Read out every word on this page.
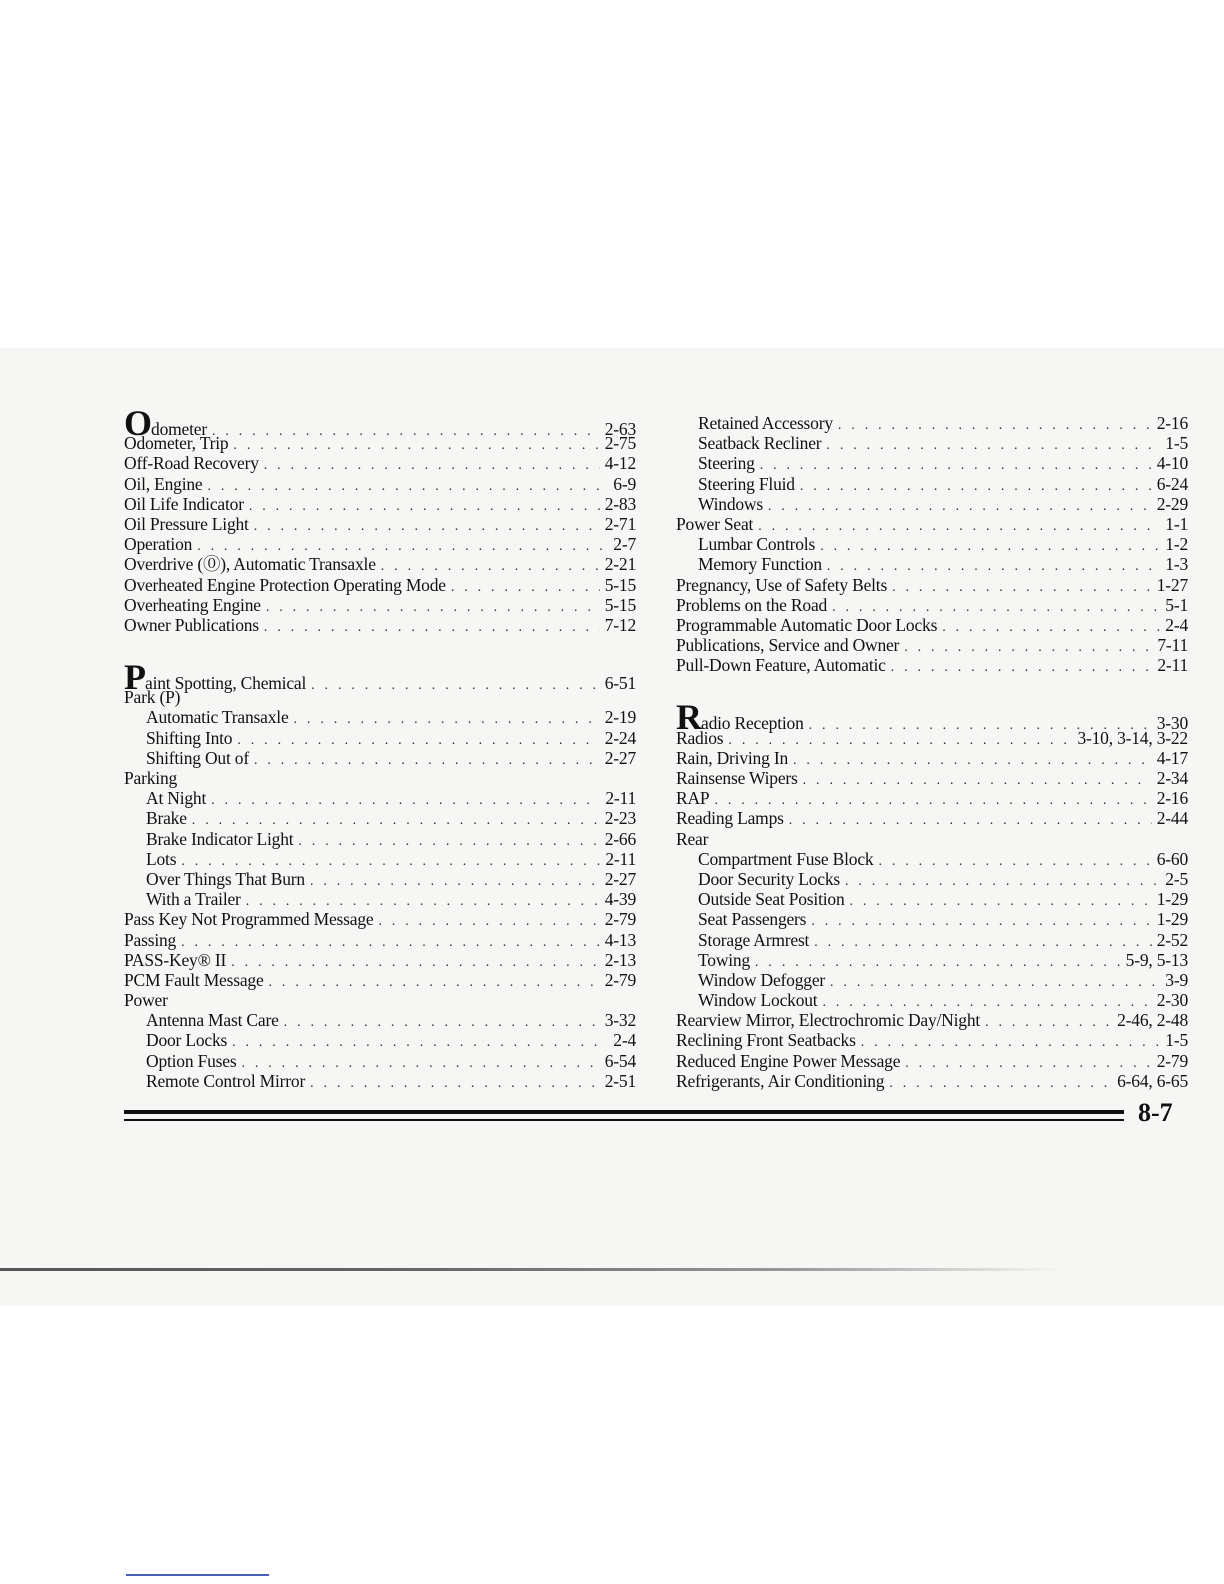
Odometer . . .	2-63
Odometer, Trip . . .	2-75
Off-Road Recovery . . .	4-12
Oil, Engine . . .	6-9
Oil Life Indicator . . .	2-83
Oil Pressure Light . . .	2-71
Operation . . .	2-7
Overdrive (⓪), Automatic Transaxle . . .	2-21
Overheated Engine Protection Operating Mode . . .	5-15
Overheating Engine . . .	5-15
Owner Publications . . .	7-12
Paint Spotting, Chemical . . .	6-51
Park (P)
Automatic Transaxle . . .	2-19
Shifting Into . . .	2-24
Shifting Out of . . .	2-27
Parking
At Night . . .	2-11
Brake . . .	2-23
Brake Indicator Light . . .	2-66
Lots . . .	2-11
Over Things That Burn . . .	2-27
With a Trailer . . .	4-39
Pass Key Not Programmed Message . . .	2-79
Passing . . .	4-13
PASS-Key® II . . .	2-13
PCM Fault Message . . .	2-79
Power
Antenna Mast Care . . .	3-32
Door Locks . . .	2-4
Option Fuses . . .	6-54
Remote Control Mirror . . .	2-51
Retained Accessory . . .	2-16
Seatback Recliner . . .	1-5
Steering . . .	4-10
Steering Fluid . . .	6-24
Windows . . .	2-29
Power Seat . . .	1-1
Lumbar Controls . . .	1-2
Memory Function . . .	1-3
Pregnancy, Use of Safety Belts . . .	1-27
Problems on the Road . . .	5-1
Programmable Automatic Door Locks . . .	2-4
Publications, Service and Owner . . .	7-11
Pull-Down Feature, Automatic . . .	2-11
Radio Reception . . .	3-30
Radios . . .	3-10, 3-14, 3-22
Rain, Driving In . . .	4-17
Rainsense Wipers . . .	2-34
RAP . . .	2-16
Reading Lamps . . .	2-44
Rear
Compartment Fuse Block . . .	6-60
Door Security Locks . . .	2-5
Outside Seat Position . . .	1-29
Seat Passengers . . .	1-29
Storage Armrest . . .	2-52
Towing . . .	5-9, 5-13
Window Defogger . . .	3-9
Window Lockout . . .	2-30
Rearview Mirror, Electrochromic Day/Night . . .	2-46, 2-48
Reclining Front Seatbacks . . .	1-5
Reduced Engine Power Message . . .	2-79
Refrigerants, Air Conditioning . . .	6-64, 6-65
8-7
